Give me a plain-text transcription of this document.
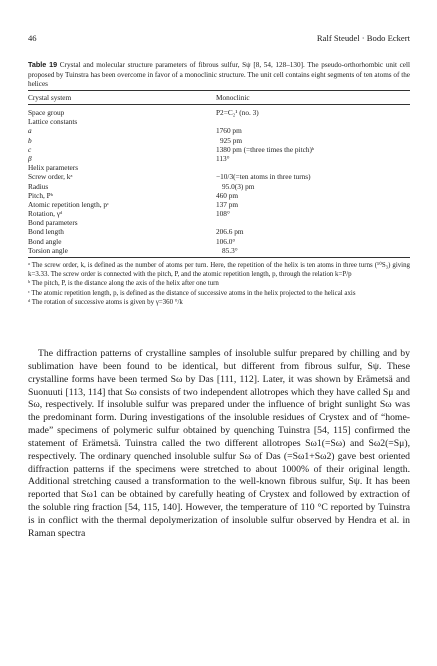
46	Ralf Steudel · Bodo Eckert
Table 19 Crystal and molecular structure parameters of fibrous sulfur, Sψ [8, 54, 128–130]. The pseudo-orthorhombic unit cell proposed by Tuinstra has been overcome in favor of a monoclinic structure. The unit cell contains eight segments of ten atoms of the helices
Crystal system	Monoclinic
Space group	P2=C₂¹ (no. 3)
Lattice constants
a	1760 pm
b	925 pm
c	1380 pm (=three times the pitch)ᵇ
β	113°
Helix parameters
Screw order, kᵃ	−10/3(=ten atoms in three turns)
Radius	95.0(3) pm
Pitch, Pᵇ	460 pm
Atomic repetition length, pᶜ	137 pm
Rotation, γᵈ	108°
Bond parameters
Bond length	206.6 pm
Bond angle	106.0°
Torsion angle	85.3°

ᵃ The screw order, k, is defined as the number of atoms per turn. Here, the repetition of the helix is ten atoms in three turns (¹⁰S₃) giving k=3.33. The screw order is connected with the pitch, P, and the atomic repetition length, p, through the relation k=P/p

ᵇ The pitch, P, is the distance along the axis of the helix after one turn

ᶜ The atomic repetition length, p, is defined as the distance of successive atoms in the helix projected to the helical axis

ᵈ The rotation of successive atoms is given by γ=360 °/k

The diffraction patterns of crystalline samples of insoluble sulfur prepared by chilling and by sublimation have been found to be identical, but different from fibrous sulfur, Sψ. These crystalline forms have been termed Sω by Das [111, 112]. Later, it was shown by Erämetsä and Suonuuti [113, 114] that Sω consists of two independent allotropes which they have called Sμ and Sω, respectively. If insoluble sulfur was prepared under the influence of bright sunlight Sω was the predominant form. During investigations of the insoluble residues of Crystex and of “home-made” specimens of polymeric sulfur obtained by quenching Tuinstra [54, 115] confirmed the statement of Erämetsä. Tuinstra called the two different allotropes Sω1(=Sω) and Sω2(=Sμ), respectively. The ordinary quenched insoluble sulfur Sω of Das (=Sω1+Sω2) gave best oriented diffraction patterns if the specimens were stretched to about 1000% of their original length. Additional stretching caused a transformation to the well-known fibrous sulfur, Sψ. It has been reported that Sω1 can be obtained by carefully heating of Crystex and followed by extraction of the soluble ring fraction [54, 115, 140]. However, the temperature of 110 °C reported by Tuinstra is in conflict with the thermal depolymerization of insoluble sulfur observed by Hendra et al. in Raman spectra
